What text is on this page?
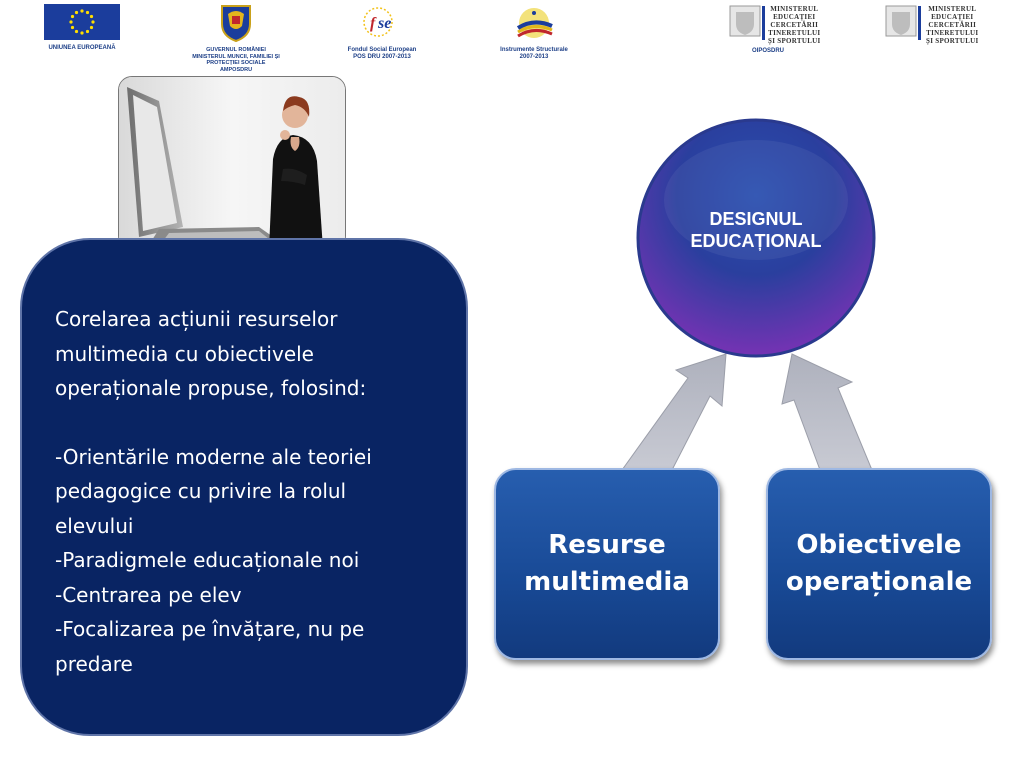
UNIUNEA EUROPEANĂ	GUVERNUL ROMÂNIEI
MINISTERUL MUNCII, FAMILIEI ȘI
PROTECȚIEI SOCIALE
AMPOSDRU
f se
Fondul Social European
POS DRU 2007-2013
Instrumente Structurale
2007-2013
MINISTERUL
EDUCAȚIEI
CERCETĂRII
TINERETULUI
ȘI SPORTULUI
OIPOSDRU
MINISTERUL
EDUCAȚIEI
CERCETĂRII
TINERETULUI
ȘI SPORTULUI
Corelarea acțiunii resurselor
multimedia cu obiectivele
operaționale propuse, folosind:
-Orientările moderne ale teoriei
pedagogice cu privire la rolul
elevului
-Paradigmele educaționale noi
-Centrarea pe elev
-Focalizarea pe învățare, nu pe
predare
DESIGNUL
EDUCAȚIONAL
Resurse
multimedia
Obiectivele
operaționale
